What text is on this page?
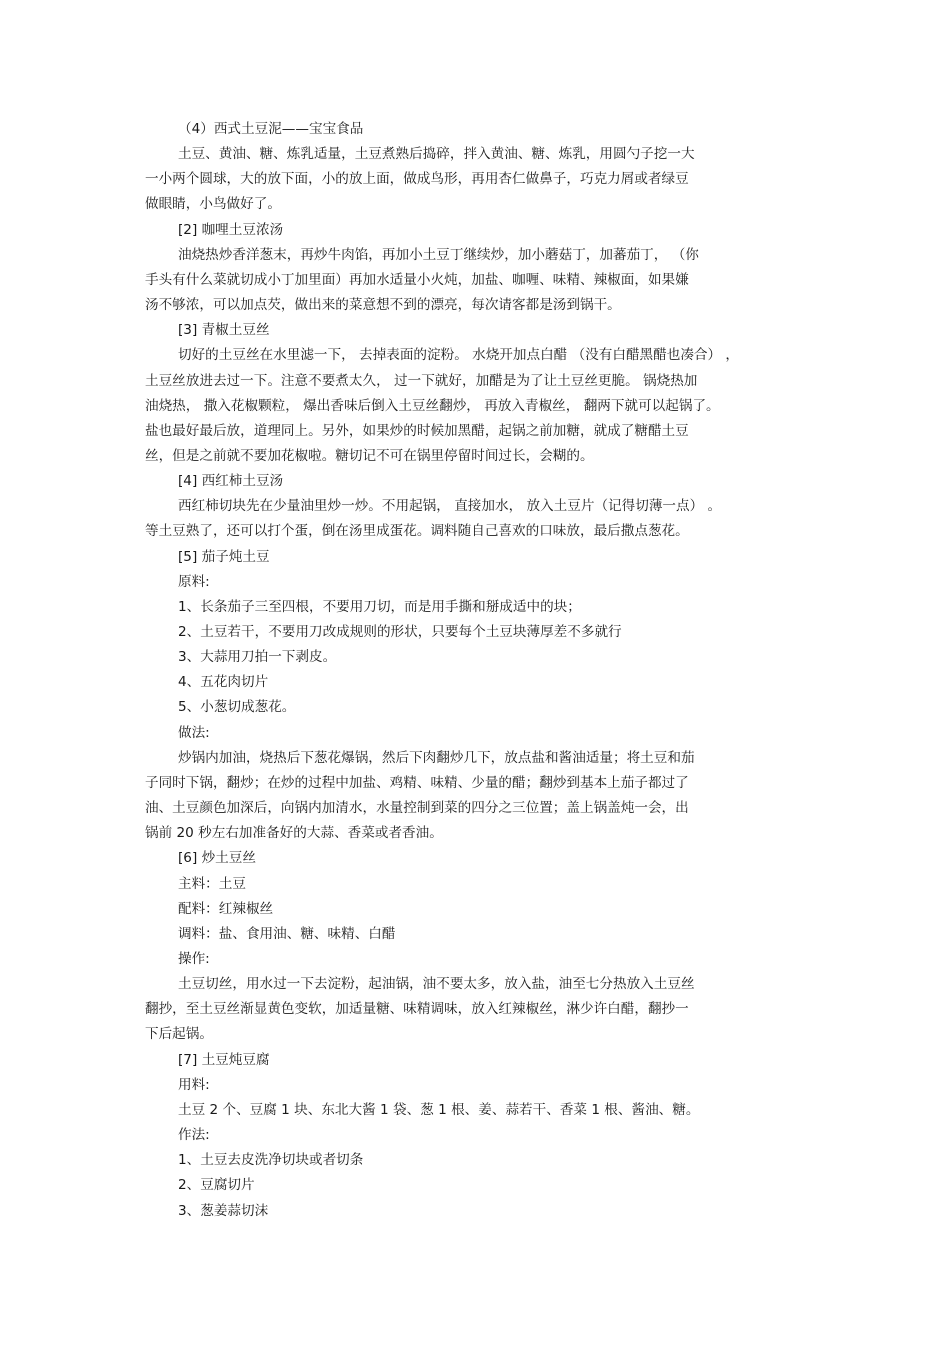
（4）西式土豆泥——宝宝食品

土豆、黄油、糖、炼乳适量，土豆煮熟后捣碎，拌入黄油、糖、炼乳，用圆勺子挖一大

一小两个圆球，大的放下面，小的放上面，做成鸟形，再用杏仁做鼻子，巧克力屑或者绿豆

做眼睛，小鸟做好了。

[2] 咖哩土豆浓汤

油烧热炒香洋葱末，再炒牛肉馅，再加小土豆丁继续炒，加小蘑菇丁，加蕃茄丁， （你

手头有什么菜就切成小丁加里面）再加水适量小火炖，加盐、咖喱、味精、辣椒面，如果嫌

汤不够浓，可以加点芡，做出来的菜意想不到的漂亮，每次请客都是汤到锅干。

[3] 青椒土豆丝

切好的土豆丝在水里滤一下， 去掉表面的淀粉。 水烧开加点白醋 （没有白醋黑醋也凑合） ，

土豆丝放进去过一下。注意不要煮太久， 过一下就好，加醋是为了让土豆丝更脆。 锅烧热加

油烧热， 撒入花椒颗粒， 爆出香味后倒入土豆丝翻炒， 再放入青椒丝， 翻两下就可以起锅了。

盐也最好最后放，道理同上。另外，如果炒的时候加黑醋，起锅之前加糖，就成了糖醋土豆

丝，但是之前就不要加花椒啦。糖切记不可在锅里停留时间过长，会糊的。

[4] 西红柿土豆汤

西红柿切块先在少量油里炒一炒。不用起锅， 直接加水， 放入土豆片（记得切薄一点） 。

等土豆熟了，还可以打个蛋，倒在汤里成蛋花。调料随自己喜欢的口味放，最后撒点葱花。

[5] 茄子炖土豆

原料:

1、长条茄子三至四根，不要用刀切，而是用手撕和掰成适中的块；

2、土豆若干，不要用刀改成规则的形状，只要每个土豆块薄厚差不多就行

3、大蒜用刀拍一下剥皮。

4、五花肉切片

5、小葱切成葱花。

做法:

炒锅内加油，烧热后下葱花爆锅，然后下肉翻炒几下，放点盐和酱油适量；将土豆和茄

子同时下锅，翻炒；在炒的过程中加盐、鸡精、味精、少量的醋；翻炒到基本上茄子都过了

油、土豆颜色加深后，向锅内加清水，水量控制到菜的四分之三位置；盖上锅盖炖一会，出

锅前 20 秒左右加准备好的大蒜、香菜或者香油。

[6] 炒土豆丝

主料：土豆

配料：红辣椒丝

调料：盐、食用油、糖、味精、白醋

操作:

土豆切丝，用水过一下去淀粉，起油锅，油不要太多，放入盐，油至七分热放入土豆丝

翻抄，至土豆丝渐显黄色变软，加适量糖、味精调味，放入红辣椒丝，淋少许白醋，翻抄一

下后起锅。

[7] 土豆炖豆腐

用料:

土豆 2 个、豆腐 1 块、东北大酱 1 袋、葱 1 根、姜、蒜若干、香菜 1 根、酱油、糖。

作法:

1、土豆去皮洗净切块或者切条

2、豆腐切片

3、葱姜蒜切沫
